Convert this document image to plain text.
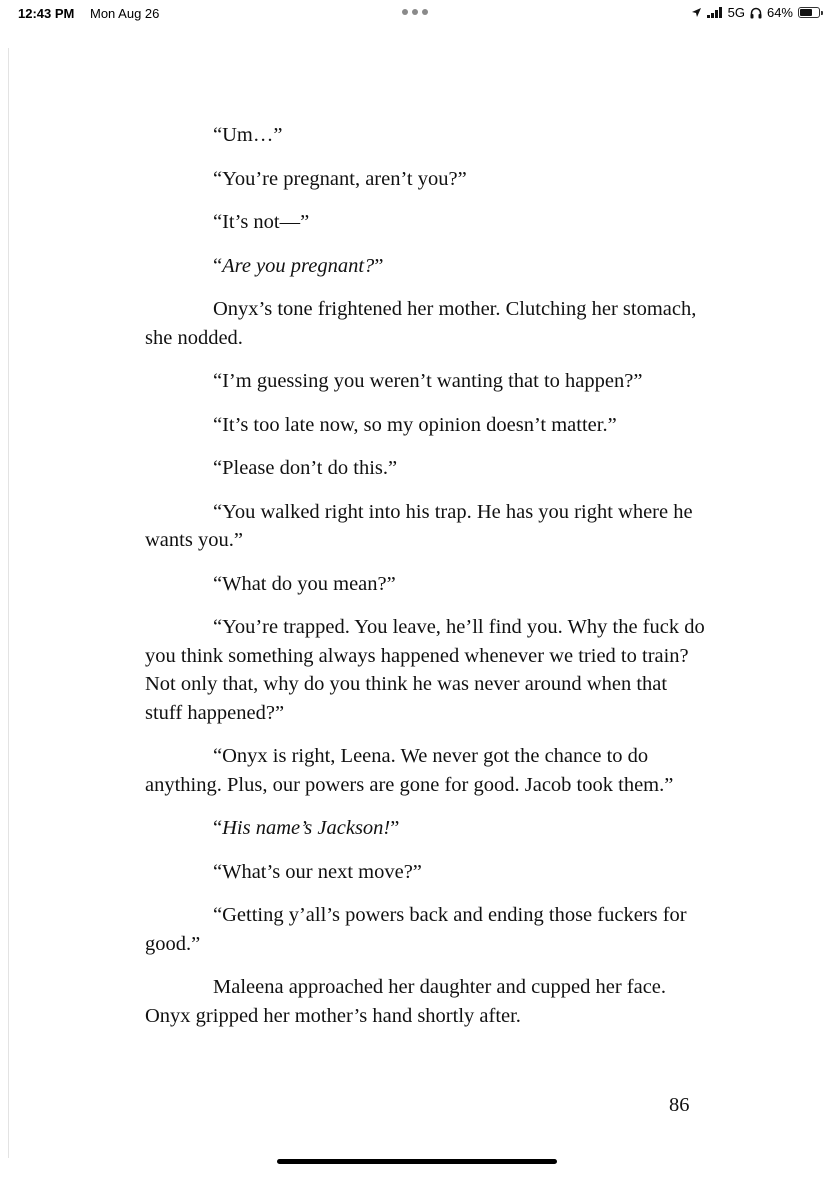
12:43 PM Mon Aug 26	5G 64%

“Um…”

“You’re pregnant, aren’t you?”

“It’s not—”

“Are you pregnant?”

Onyx’s tone frightened her mother. Clutching her stomach, she nodded.

“I’m guessing you weren’t wanting that to happen?”

“It’s too late now, so my opinion doesn’t matter.”

“Please don’t do this.”

“You walked right into his trap. He has you right where he wants you.”

“What do you mean?”

“You’re trapped. You leave, he’ll find you. Why the fuck do you think something always happened whenever we tried to train? Not only that, why do you think he was never around when that stuff happened?”

“Onyx is right, Leena. We never got the chance to do anything. Plus, our powers are gone for good. Jacob took them.”

“His name’s Jackson!”

“What’s our next move?”

“Getting y’all’s powers back and ending those fuckers for good.”

Maleena approached her daughter and cupped her face. Onyx gripped her mother’s hand shortly after.

86
